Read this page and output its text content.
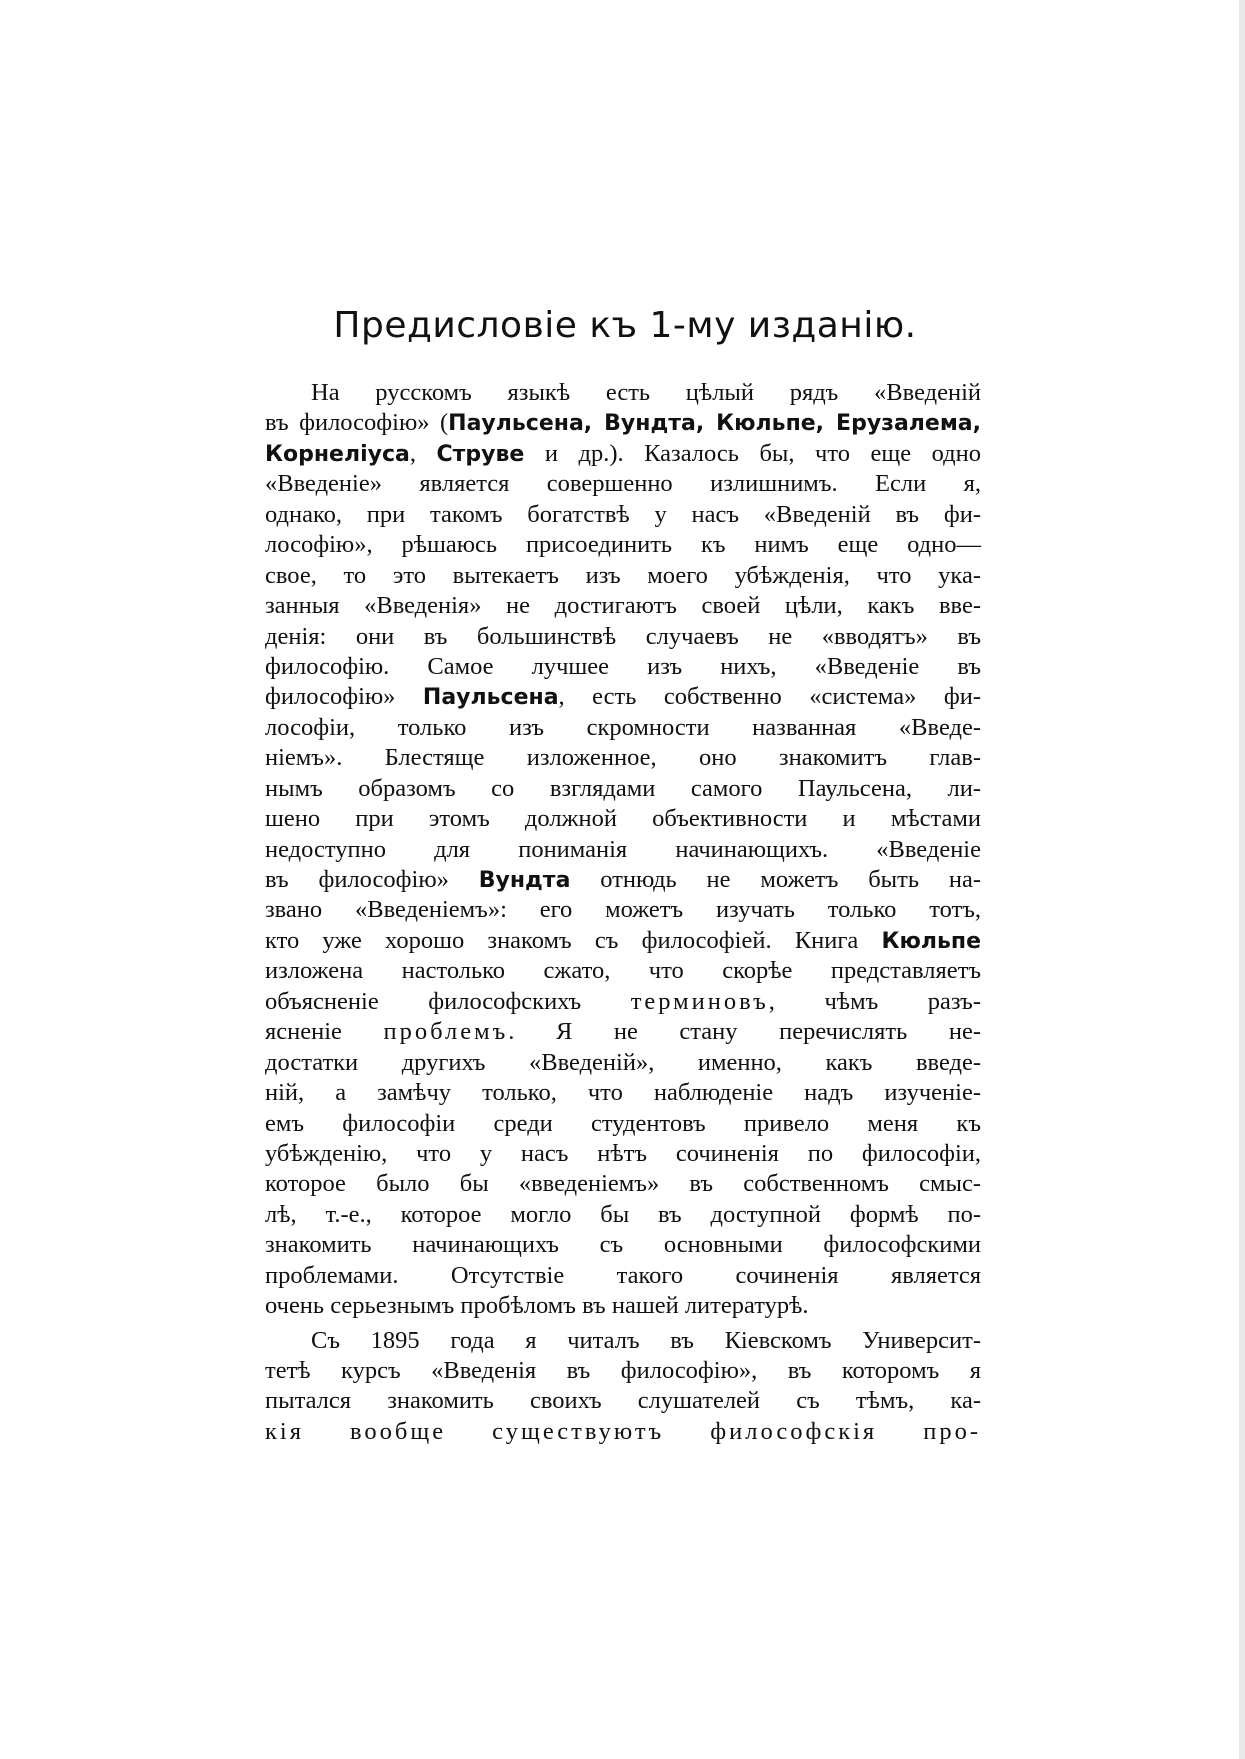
Предисловіе къ 1-му изданію.
На русскомъ языкѣ есть цѣлый рядъ «Введеній
въ философію» (Паульсена, Вундта, Кюльпе, Ерузалема,
Корнеліуса, Струве и др.). Казалось бы, что еще одно
«Введеніе» является совершенно излишнимъ. Если я,
однако, при такомъ богатствѣ у насъ «Введеній въ фи-
лософію», рѣшаюсь присоединить къ нимъ еще одно—
свое, то это вытекаетъ изъ моего убѣжденія, что ука-
занныя «Введенія» не достигаютъ своей цѣли, какъ вве-
денія: они въ большинствѣ случаевъ не «вводятъ» въ
философію. Самое лучшее изъ нихъ, «Введеніе въ
философію» Паульсена, есть собственно «система» фи-
лософіи, только изъ скромности названная «Введе-
ніемъ». Блестяще изложенное, оно знакомитъ глав-
нымъ образомъ со взглядами самого Паульсена, ли-
шено при этомъ должной объективности и мѣстами
недоступно для пониманія начинающихъ. «Введеніе
въ философію» Вундта отнюдь не можетъ быть на-
звано «Введеніемъ»: его можетъ изучать только тотъ,
кто уже хорошо знакомъ съ философіей. Книга Кюльпе
изложена настолько сжато, что скорѣе представляетъ
объясненіе философскихъ терминовъ, чѣмъ разъ-
ясненіе проблемъ. Я не стану перечислять не-
достатки другихъ «Введеній», именно, какъ введе-
ній, а замѣчу только, что наблюденіе надъ изученіе-
емъ философіи среди студентовъ привело меня къ
убѣжденію, что у насъ нѣтъ сочиненія по философіи,
которое было бы «введеніемъ» въ собственномъ смыс-
лѣ, т.-е., которое могло бы въ доступной формѣ по-
знакомить начинающихъ съ основными философскими
проблемами. Отсутствіе такого сочиненія является
очень серьезнымъ пробѣломъ въ нашей литературѣ.
Съ 1895 года я читалъ въ Кіевскомъ Университ-
тетѣ курсъ «Введенія въ философію», въ которомъ я
пытался знакомить своихъ слушателей съ тѣмъ, ка-
кія вообще существуютъ философскія про-
